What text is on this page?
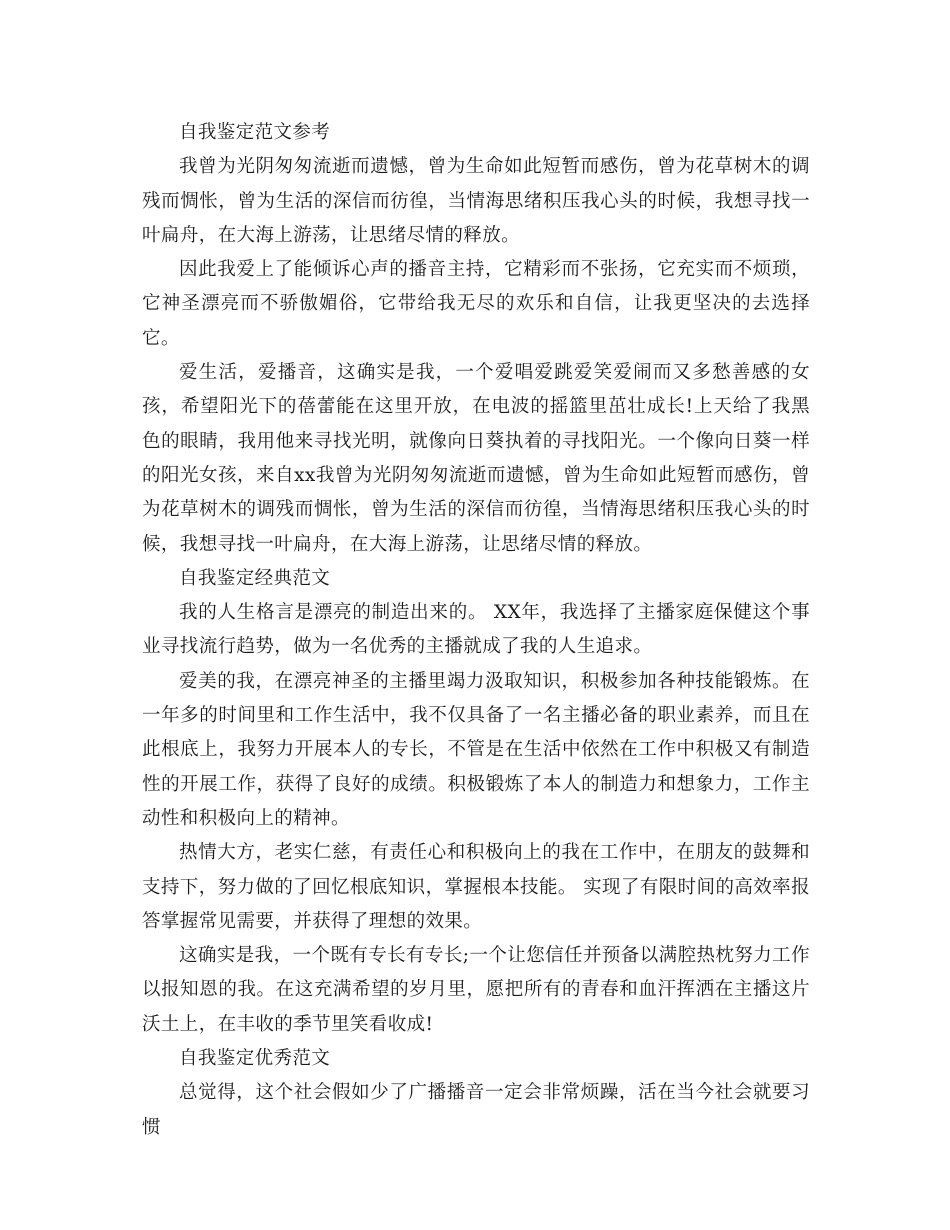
自我鉴定范文参考

我曾为光阴匆匆流逝而遗憾，曾为生命如此短暂而感伤，曾为花草树木的调残而惆怅，曾为生活的深信而彷徨，当情海思绪积压我心头的时候，我想寻找一叶扁舟，在大海上游荡，让思绪尽情的释放。

因此我爱上了能倾诉心声的播音主持，它精彩而不张扬，它充实而不烦琐，它神圣漂亮而不骄傲媚俗，它带给我无尽的欢乐和自信，让我更坚决的去选择它。

爱生活，爱播音，这确实是我，一个爱唱爱跳爱笑爱闹而又多愁善感的女孩，希望阳光下的蓓蕾能在这里开放，在电波的摇篮里茁壮成长!上天给了我黑色的眼睛，我用他来寻找光明，就像向日葵执着的寻找阳光。一个像向日葵一样的阳光女孩，来自xx我曾为光阴匆匆流逝而遗憾，曾为生命如此短暂而感伤，曾为花草树木的调残而惆怅，曾为生活的深信而彷徨，当情海思绪积压我心头的时候，我想寻找一叶扁舟，在大海上游荡，让思绪尽情的释放。

自我鉴定经典范文

我的人生格言是漂亮的制造出来的。 XX年，我选择了主播家庭保健这个事业寻找流行趋势，做为一名优秀的主播就成了我的人生追求。

爱美的我，在漂亮神圣的主播里竭力汲取知识，积极参加各种技能锻炼。在一年多的时间里和工作生活中，我不仅具备了一名主播必备的职业素养，而且在此根底上，我努力开展本人的专长，不管是在生活中依然在工作中积极又有制造性的开展工作，获得了良好的成绩。积极锻炼了本人的制造力和想象力，工作主动性和积极向上的精神。

热情大方，老实仁慈，有责任心和积极向上的我在工作中，在朋友的鼓舞和支持下，努力做的了回忆根底知识，掌握根本技能。 实现了有限时间的高效率报答掌握常见需要，并获得了理想的效果。

这确实是我，一个既有专长有专长;一个让您信任并预备以满腔热枕努力工作以报知恩的我。在这充满希望的岁月里，愿把所有的青春和血汗挥洒在主播这片沃土上，在丰收的季节里笑看收成!

自我鉴定优秀范文

总觉得，这个社会假如少了广播播音一定会非常烦躁，活在当今社会就要习惯
